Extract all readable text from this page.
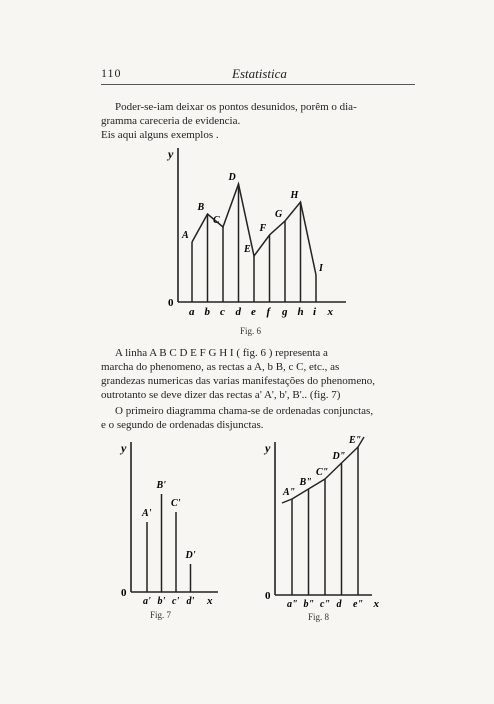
110	Estatistica
Poder-se-iam deixar os pontos desunidos, porêm o dia-
gramma careceria de evidencia.
Eis aqui alguns exemplos .
y
0
a
A
b
B
c
C
d
D
e
E
f
F
g
G
h
H
i
I
x
y
0
A'
a'
B'
b'
C'
c'
D'
d' x
y
0
A"
a"
B"
b"
C"
c"
D"
d
E"
e" x
Fig. 6
A linha A B C D E F G H I ( fig. 6 ) representa a
marcha do phenomeno, as rectas a A, b B, c C, etc., as
grandezas numericas das varias manifestações do phenomeno,
outrotanto se deve dizer das rectas a' A', b', B'.. (fig. 7)
O primeiro diagramma chama-se de ordenadas conjunctas,
e o segundo de ordenadas disjunctas.
Fig. 7	Fig. 8
